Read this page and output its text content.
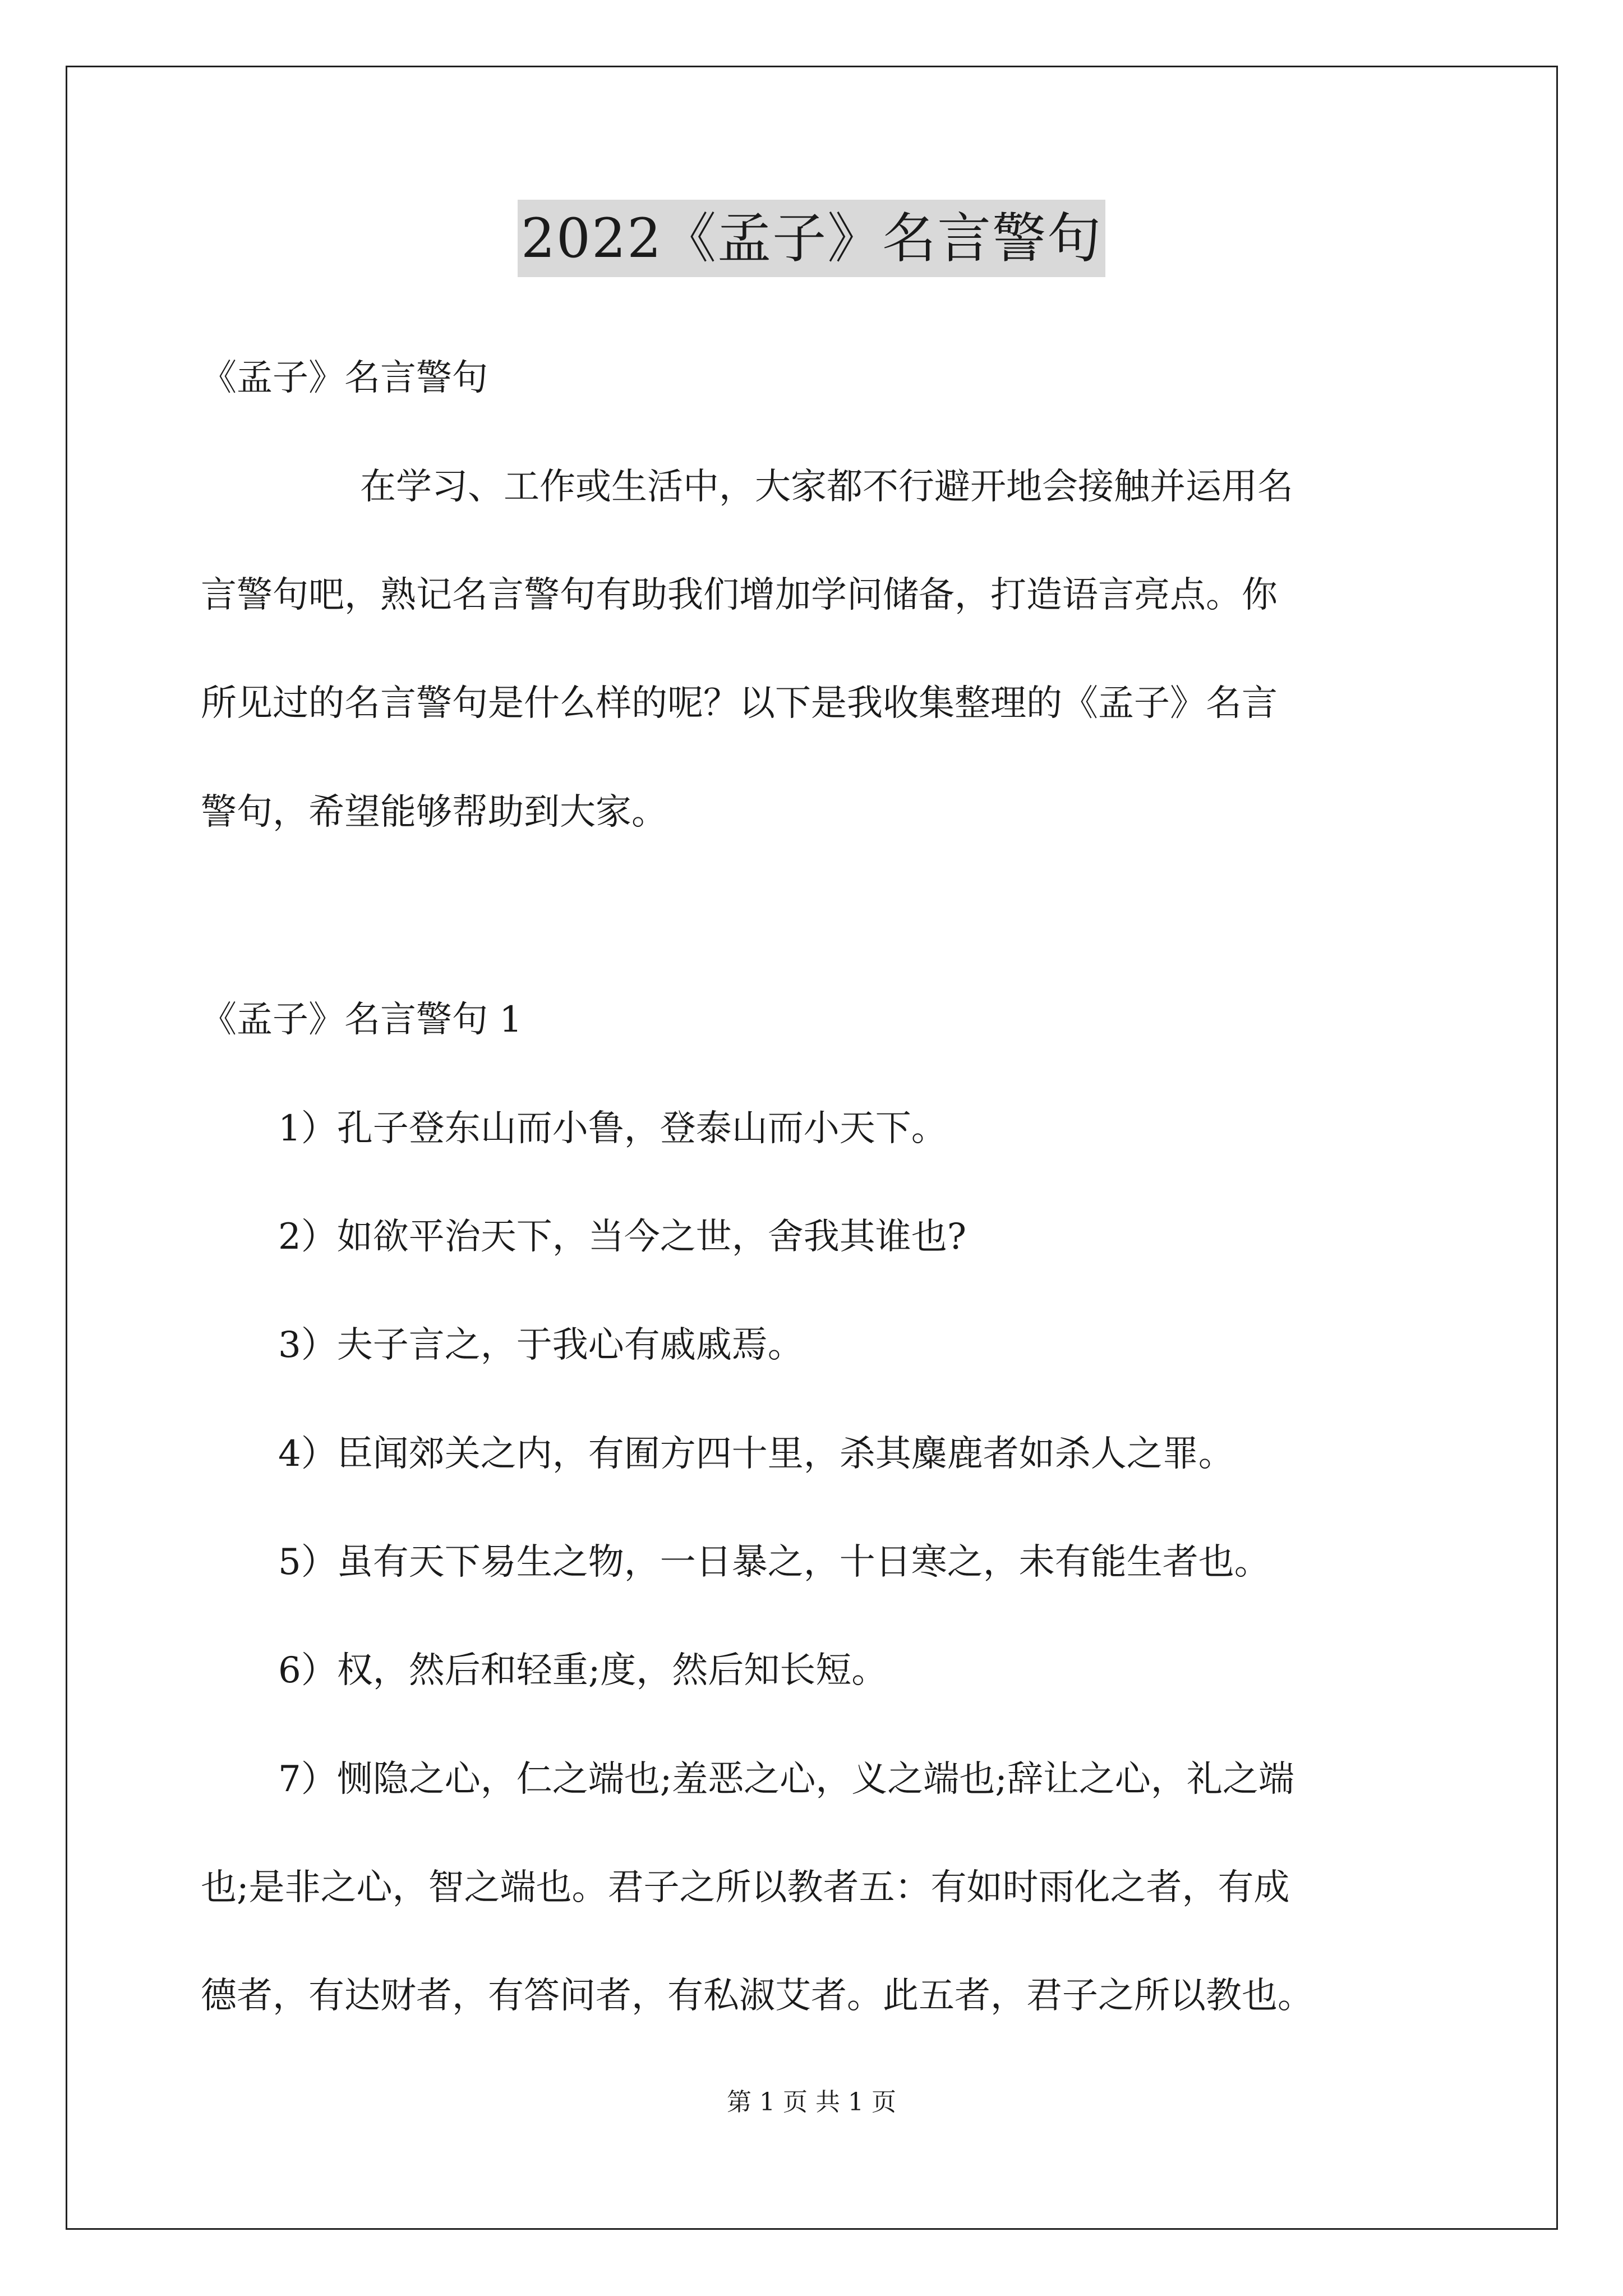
2022《孟子》名言警句
《孟子》名言警句
在学习、工作或生活中，大家都不行避开地会接触并运用名
言警句吧，熟记名言警句有助我们增加学问储备，打造语言亮点。你
所见过的名言警句是什么样的呢？以下是我收集整理的《孟子》名言
警句，希望能够帮助到大家。
《孟子》名言警句 1
1）孔子登东山而小鲁，登泰山而小天下。
2）如欲平治天下，当今之世，舍我其谁也?
3）夫子言之，于我心有戚戚焉。
4）臣闻郊关之内，有囿方四十里，杀其麋鹿者如杀人之罪。
5）虽有天下易生之物，一日暴之，十日寒之，未有能生者也。
6）权，然后和轻重;度，然后知长短。
7）恻隐之心，仁之端也;羞恶之心，义之端也;辞让之心，礼之端
也;是非之心，智之端也。君子之所以教者五：有如时雨化之者，有成
德者，有达财者，有答问者，有私淑艾者。此五者，君子之所以教也。
第 1 页 共 1 页
